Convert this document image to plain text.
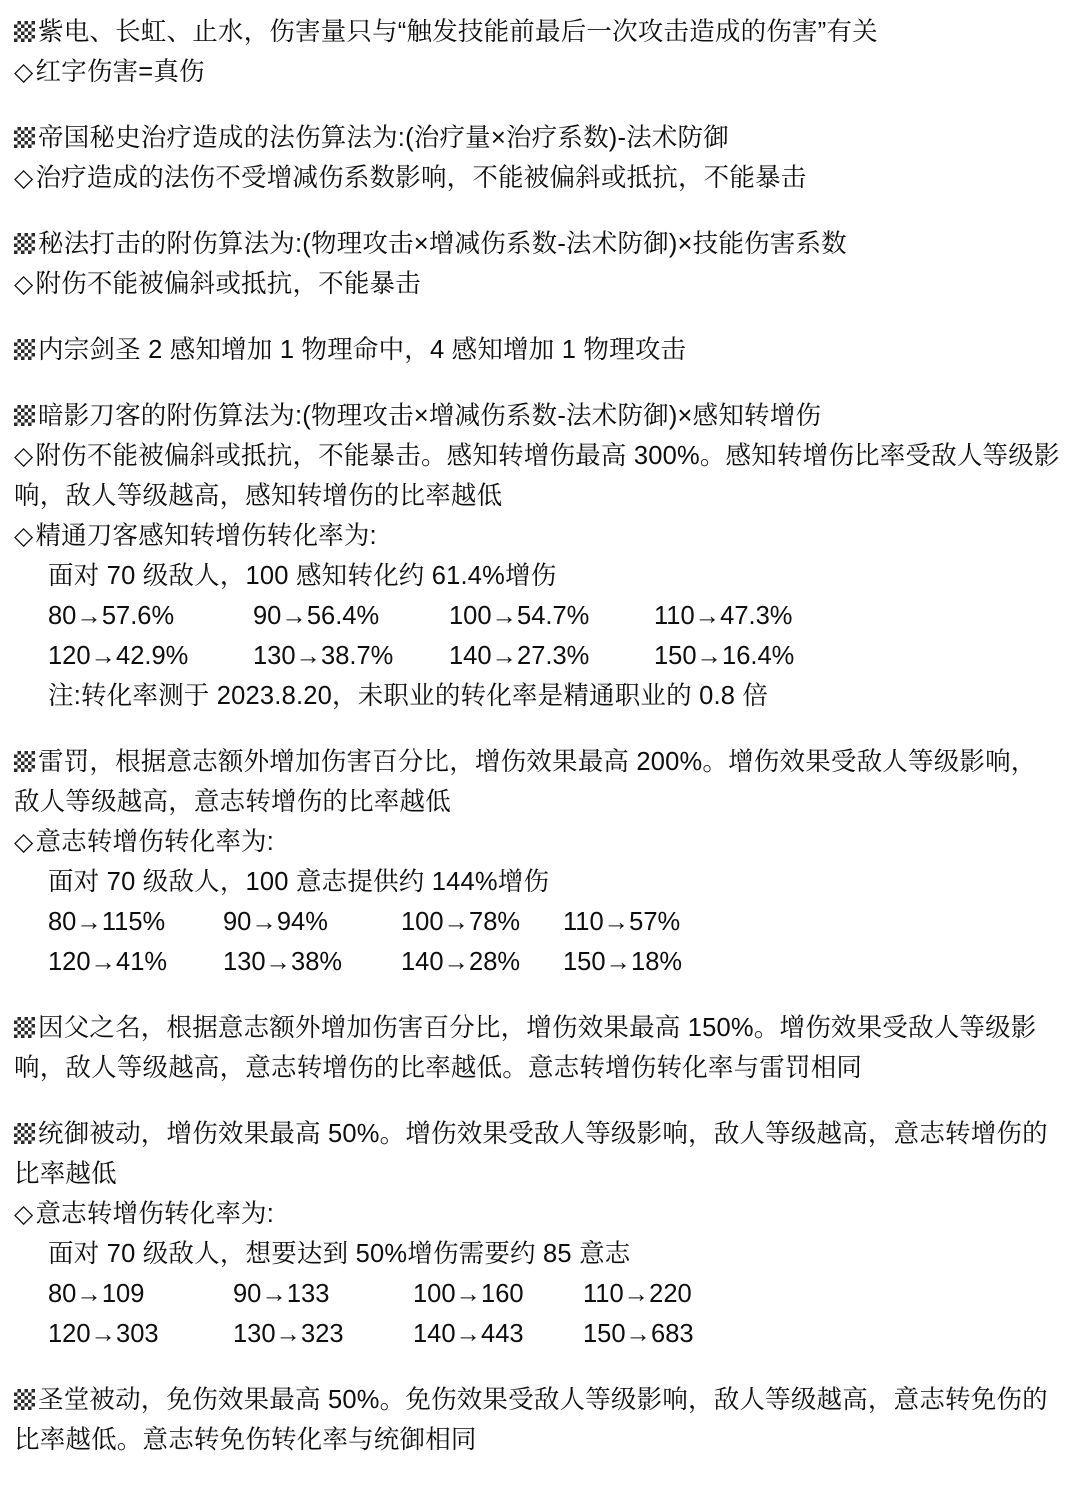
紫电、长虹、止水，伤害量只与“触发技能前最后一次攻击造成的伤害”有关
◇红字伤害=真伤
帝国秘史治疗造成的法伤算法为:(治疗量×治疗系数)-法术防御
◇治疗造成的法伤不受增减伤系数影响，不能被偏斜或抵抗，不能暴击
秘法打击的附伤算法为:(物理攻击×增减伤系数-法术防御)×技能伤害系数
◇附伤不能被偏斜或抵抗，不能暴击
内宗剑圣 2 感知增加 1 物理命中，4 感知增加 1 物理攻击
暗影刀客的附伤算法为:(物理攻击×增减伤系数-法术防御)×感知转增伤
◇附伤不能被偏斜或抵抗，不能暴击。感知转增伤最高 300%。感知转增伤比率受敌人等级影响，敌人等级越高，感知转增伤的比率越低
◇精通刀客感知转增伤转化率为:
面对 70 级敌人，100 感知转化约 61.4%增伤
80→57.6%	90→56.4%	100→54.7%	110→47.3%
120→42.9%	130→38.7% 140→27.3%	150→16.4%
注:转化率测于 2023.8.20，未职业的转化率是精通职业的 0.8 倍
雷罚，根据意志额外增加伤害百分比，增伤效果最高 200%。增伤效果受敌人等级影响，敌人等级越高，意志转增伤的比率越低
◇意志转增伤转化率为:
面对 70 级敌人，100 意志提供约 144%增伤
80→115% 90→94%	100→78% 110→57%
120→41% 130→38% 140→28% 150→18%
因父之名，根据意志额外增加伤害百分比，增伤效果最高 150%。增伤效果受敌人等级影响，敌人等级越高，意志转增伤的比率越低。意志转增伤转化率与雷罚相同
统御被动，增伤效果最高 50%。增伤效果受敌人等级影响，敌人等级越高，意志转增伤的比率越低
◇意志转增伤转化率为:
面对 70 级敌人，想要达到 50%增伤需要约 85 意志
80→109	90→133	100→160 110→220
120→303	130→323	140→443 150→683
圣堂被动，免伤效果最高 50%。免伤效果受敌人等级影响，敌人等级越高，意志转免伤的比率越低。意志转免伤转化率与统御相同
